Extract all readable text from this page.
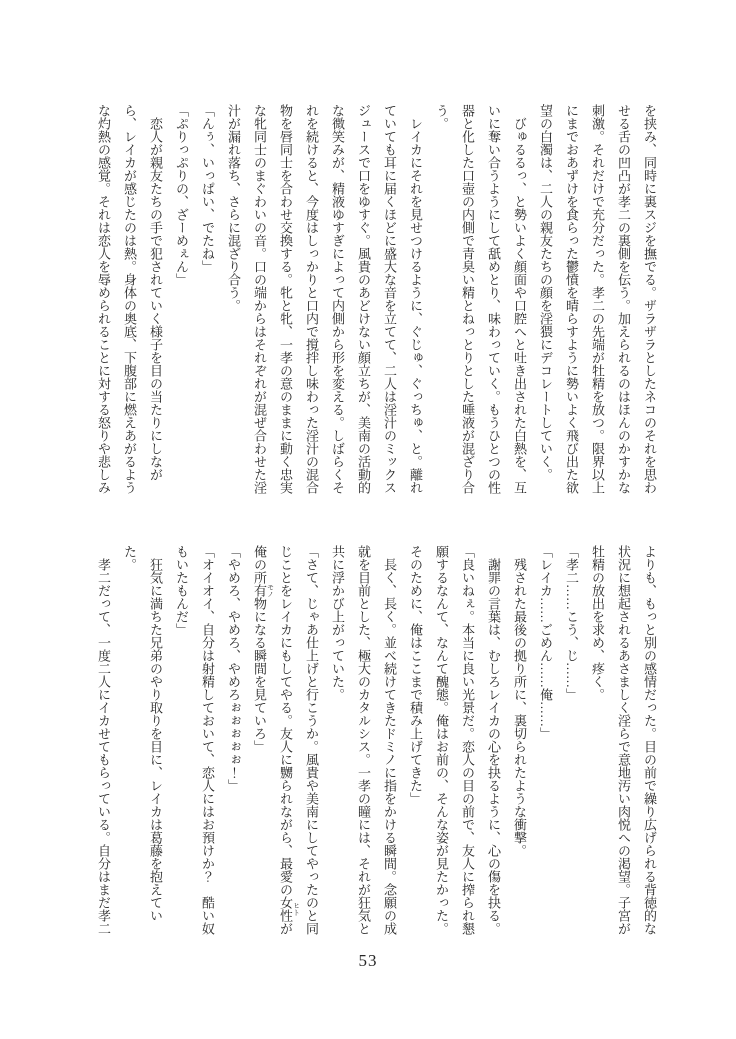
を挟み、同時に裏スジを撫でる。ザラザラとしたネコのそれを思わせる舌の凹凸が孝二の裏側を伝う。加えられるのはほんのかすかな刺激。それだけで充分だった。孝二の先端が牡精を放つ。限界以上にまでおあずけを食らった鬱憤を晴らすように勢いよく飛び出た欲望の白濁は、二人の親友たちの顔を淫猥にデコレートしていく。

びゅるるっ、と勢いよく顔面や口腔へと吐き出された白熱を、互いに奪い合うようにして舐めとり、味わっていく。もうひとつの性器と化した口壺の内側で青臭い精とねっとりとした唾液が混ざり合う。

レイカにそれを見せつけるように、ぐじゅ、ぐっちゅ、と。離れていても耳に届くほどに盛大な音を立てて、二人は淫汁のミックスジュースで口をゆすぐ。風貴のあどけない顔立ちが、美南の活動的な微笑みが、精液ゆすぎによって内側から形を変える。しばらくそれを続けると、今度はしっかりと口内で撹拌し味わった淫汁の混合物を唇同士を合わせ交換する。牝と牝、一孝の意のままに動く忠実な牝同士のまぐわいの音。口の端からはそれぞれが混ぜ合わせた淫汁が漏れ落ち、さらに混ざり合う。

「んぅ、いっぱい、でたね」

「ぷりっぷりの、ざーめぇん」

恋人が親友たちの手で犯されていく様子を目の当たりにしながら、レイカが感じたのは熱。身体の奥底、下腹部に燃えあがるような灼熱の感覚。それは恋人を辱められることに対する怒りや悲しみ

よりも、もっと別の感情だった。目の前で繰り広げられる背徳的な状況に想起されるあさましく淫らで意地汚い肉悦への渇望。子宮が牡精の放出を求め、疼く。

「孝二……こう、じ……」

「レイカ……ごめん……俺……」

残された最後の拠り所に、裏切られたような衝撃。

謝罪の言葉は、むしろレイカの心を抉るように、心の傷を抉る。

「良いねぇ。本当に良い光景だ。恋人の目の前で、友人に搾られ懇願するなんて、なんて醜態。俺はお前の、そんな姿が見たかった。そのために、俺はここまで積み上げてきた」

長く、長く。並べ続けてきたドミノに指をかける瞬間。念願の成就を目前とした、極大のカタルシス。一孝の瞳には、それが狂気と共に浮かび上がっていた。

「さて、じゃあ仕上げと行こうか。風貴や美南にしてやったのと同じことをレイカにもしてやる。友人に嬲られながら、最愛の女性 ヒトが俺の所有物 モノになる瞬間を見ていろ」

「やめろ、やめろ、やめろぉぉぉぉぉ！」

「オイオイ、自分は射精しておいて、恋人にはお預けか？　酷い奴もいたもんだ」

狂気に満ちた兄弟のやり取りを目に、レイカは葛藤を抱えていた。

孝二だって、一度二人にイカせてもらっている。自分はまだ孝二

53
